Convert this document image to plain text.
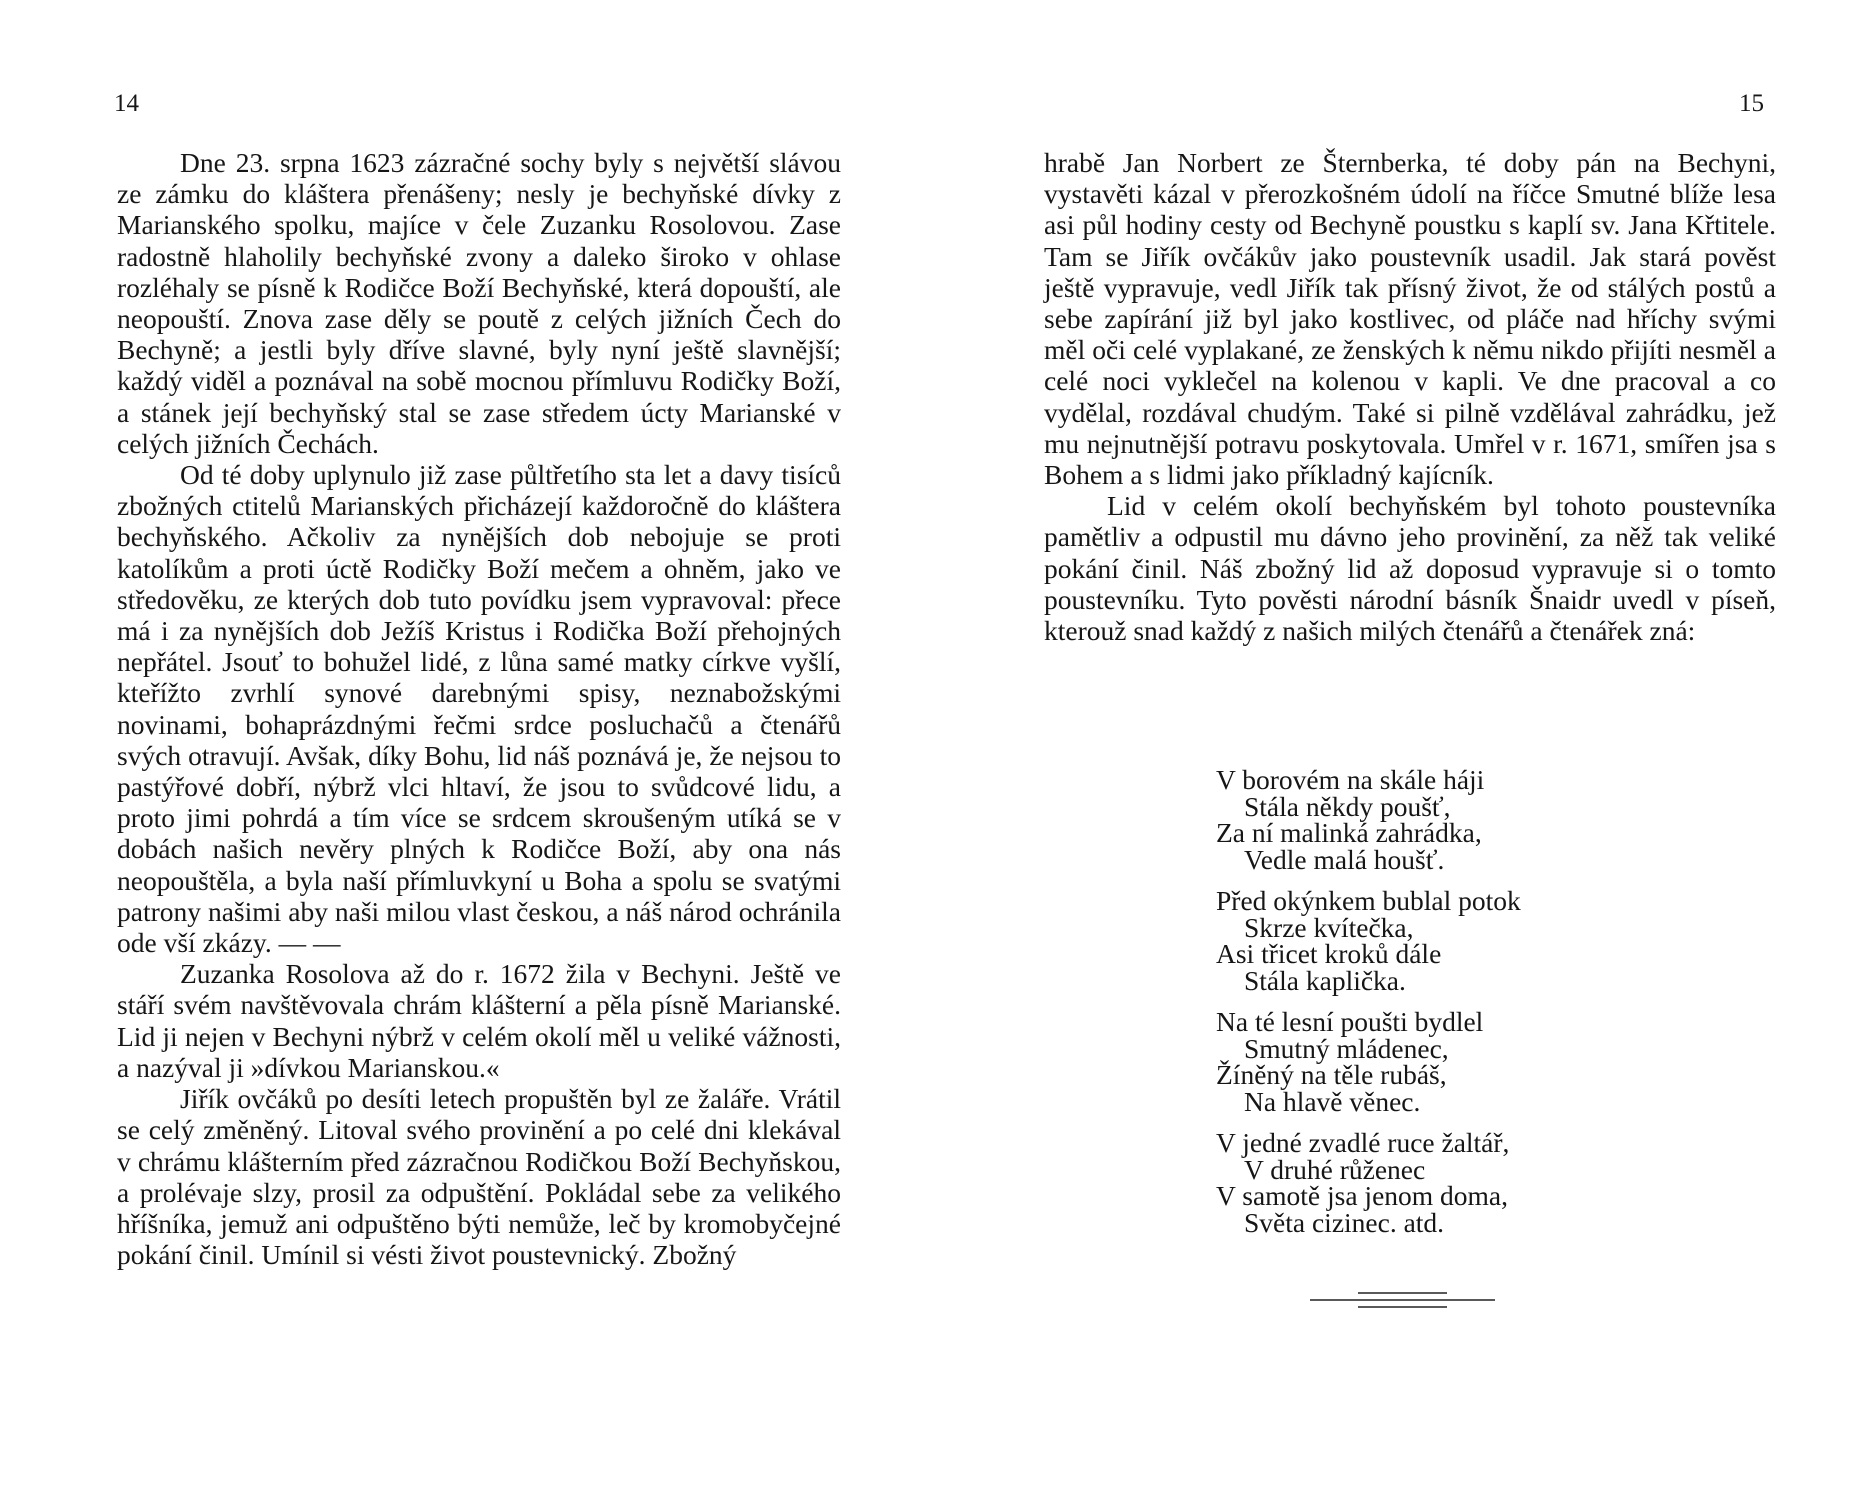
14	15

Dne 23. srpna 1623 zázračné sochy byly s největší slávou ze zámku do kláštera přenášeny; nesly je bechyňské dívky z Marianského spolku, majíce v čele Zuzanku Rosolovou. Zase radostně hlaholily bechyňské zvony a daleko široko v ohlase rozléhaly se písně k Rodičce Boží Bechyňské, která dopouští, ale neopouští. Znova zase děly se poutě z celých jižních Čech do Bechyně; a jestli byly dříve slavné, byly nyní ještě slavnější; každý viděl a poznával na sobě mocnou přímluvu Rodičky Boží, a stánek její bechyňský stal se zase středem úcty Marianské v celých jižních Čechách.

Od té doby uplynulo již zase půltřetího sta let a davy tisíců zbožných ctitelů Marianských přicházejí každoročně do kláštera bechyňského. Ačkoliv za nynějších dob nebojuje se proti katolíkům a proti úctě Rodičky Boží mečem a ohněm, jako ve středověku, ze kterých dob tuto povídku jsem vypravoval: přece má i za nynějších dob Ježíš Kristus i Rodička Boží přehojných nepřátel. Jsouť to bohužel lidé, z lůna samé matky církve vyšlí, kteřížto zvrhlí synové darebnými spisy, neznabožskými novinami, bohaprázdnými řečmi srdce posluchačů a čtenářů svých otravují. Avšak, díky Bohu, lid náš poznává je, že nejsou to pastýřové dobří, nýbrž vlci hltaví, že jsou to svůdcové lidu, a proto jimi pohrdá a tím více se srdcem skroušeným utíká se v dobách našich nevěry plných k Rodičce Boží, aby ona nás neopouštěla, a byla naší přímluvkyní u Boha a spolu se svatými patrony našimi aby naši milou vlast českou, a náš národ ochránila ode vší zkázy. — —

Zuzanka Rosolova až do r. 1672 žila v Bechyni. Ještě ve stáří svém navštěvovala chrám klášterní a pěla písně Marianské. Lid ji nejen v Bechyni nýbrž v celém okolí měl u veliké vážnosti, a nazýval ji »dívkou Marianskou.«

Jiřík ovčáků po desíti letech propuštěn byl ze žaláře. Vrátil se celý změněný. Litoval svého provinění a po celé dni klekával v chrámu klášterním před zázračnou Rodičkou Boží Bechyňskou, a prolévaje slzy, prosil za odpuštění. Pokládal sebe za velikého hříšníka, jemuž ani odpuštěno býti nemůže, leč by kromobyčejné pokání činil. Umínil si vésti život poustevnický. Zbožný

hrabě Jan Norbert ze Šternberka, té doby pán na Bechyni, vystavěti kázal v přerozkošném údolí na říčce Smutné blíže lesa asi půl hodiny cesty od Bechyně poustku s kaplí sv. Jana Křtitele. Tam se Jiřík ovčákův jako poustevník usadil. Jak stará pověst ještě vypravuje, vedl Jiřík tak přísný život, že od stálých postů a sebe zapírání již byl jako kostlivec, od pláče nad hříchy svými měl oči celé vyplakané, ze ženských k němu nikdo přijíti nesměl a celé noci vyklečel na kolenou v kapli. Ve dne pracoval a co vydělal, rozdával chudým. Také si pilně vzdělával zahrádku, jež mu nejnutnější potravu poskytovala. Umřel v r. 1671, smířen jsa s Bohem a s lidmi jako příkladný kajícník.

Lid v celém okolí bechyňském byl tohoto poustevníka pamětliv a odpustil mu dávno jeho provinění, za něž tak veliké pokání činil. Náš zbožný lid až doposud vypravuje si o tomto poustevníku. Tyto pověsti národní básník Šnaidr uvedl v píseň, kterouž snad každý z našich milých čtenářů a čtenářek zná:

V borovém na skále háji
Stála někdy poušť,
Za ní malinká zahrádka,
Vedle malá houšť.
Před okýnkem bublal potok
Skrze kvítečka,
Asi třicet kroků dále
Stála kaplička.
Na té lesní poušti bydlel
Smutný mládenec,
Žíněný na těle rubáš,
Na hlavě věnec.
V jedné zvadlé ruce žaltář,
V druhé růženec
V samotě jsa jenom doma,
Světa cizinec. atd.
